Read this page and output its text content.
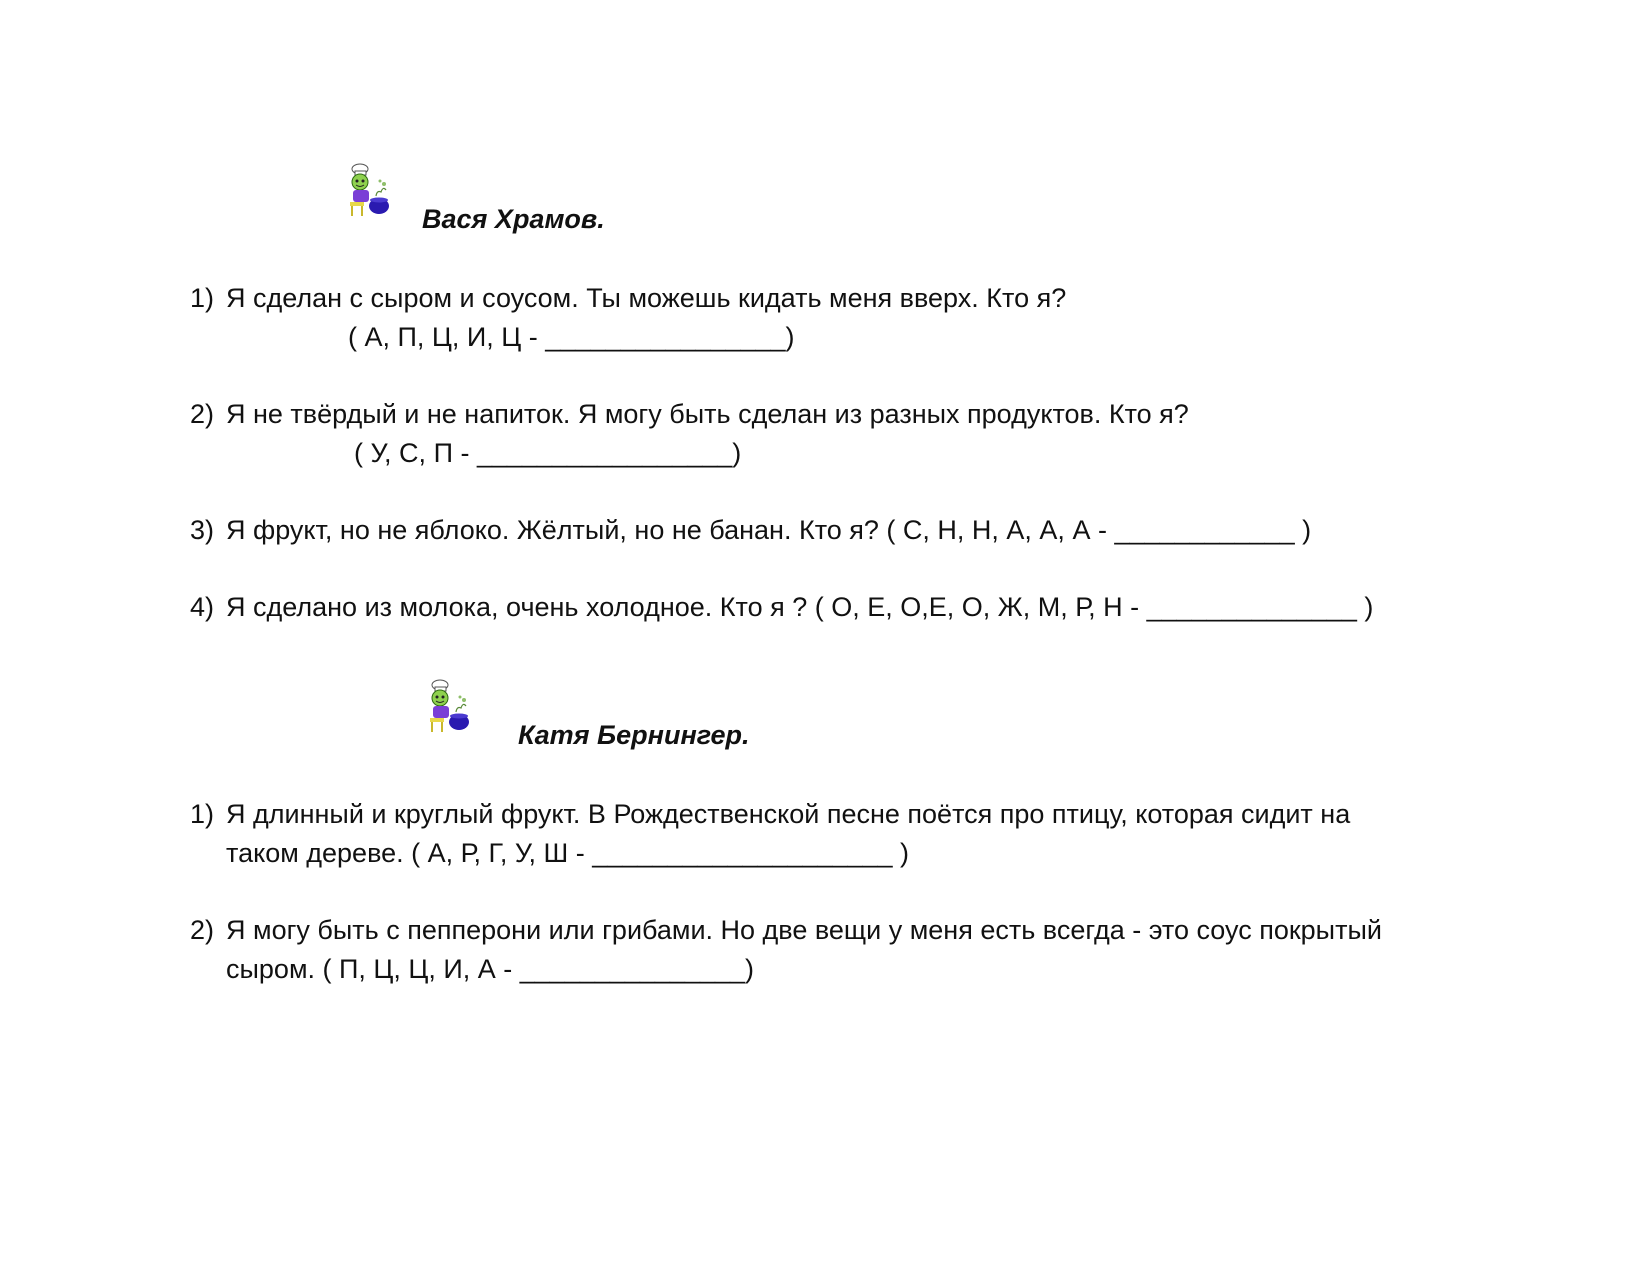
Вася Храмов.
1) Я сделан с сыром и соусом. Ты можешь кидать меня вверх. Кто я?
( А, П, Ц, И, Ц - ________________)
2) Я не твёрдый и не напиток. Я могу быть сделан из разных продуктов. Кто я?
( У, С, П - _________________)
3) Я фрукт, но не яблоко. Жёлтый, но не банан. Кто я? ( С, Н, Н, А, А, А - ____________ )
4) Я сделано из молока, очень холодное. Кто я ? ( О, Е, О,Е, О, Ж, М, Р, Н - ______________ )
Катя Бернингер.
1) Я длинный и круглый фрукт. В Рождественской песне поётся про птицу, которая сидит на
таком дереве. ( А, Р, Г, У, Ш - ____________________ )
2) Я могу быть с пепперони или грибами. Но две вещи у меня есть всегда - это соус покрытый
сыром. ( П, Ц, Ц, И, А - _______________)
